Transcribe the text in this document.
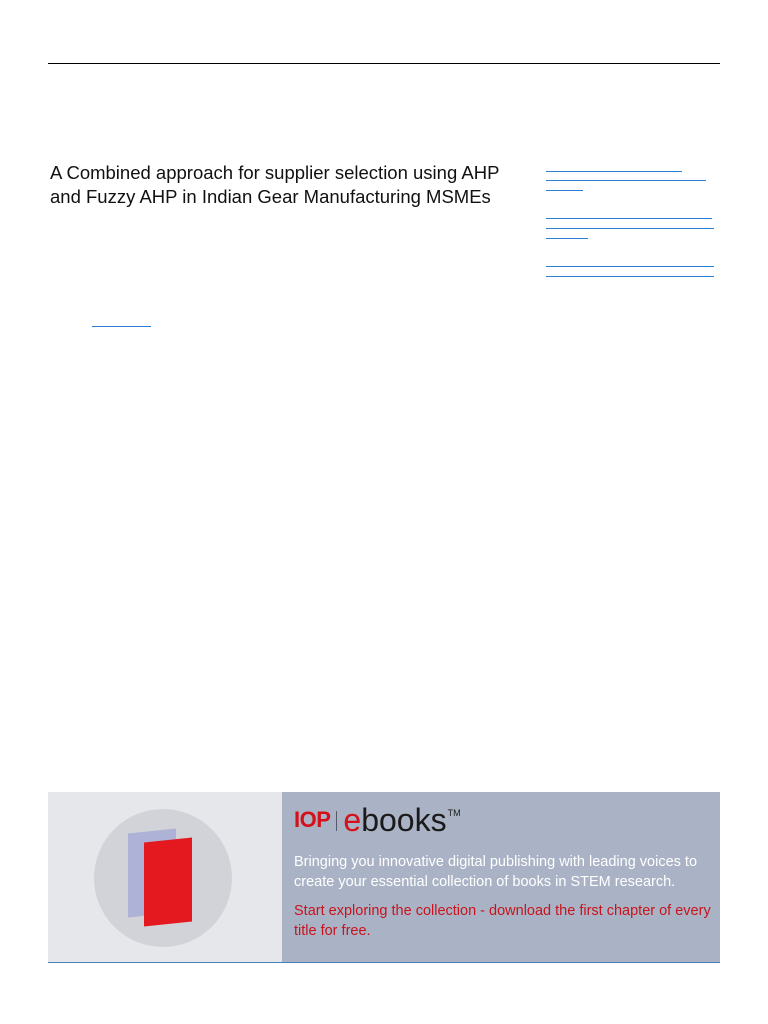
A Combined approach for supplier selection using AHP and Fuzzy AHP in Indian Gear Manufacturing MSMEs
IOP e books TM
Bringing you innovative digital publishing with leading voices to create your essential collection of books in STEM research.
Start exploring the collection - download the first chapter of every title for free.
